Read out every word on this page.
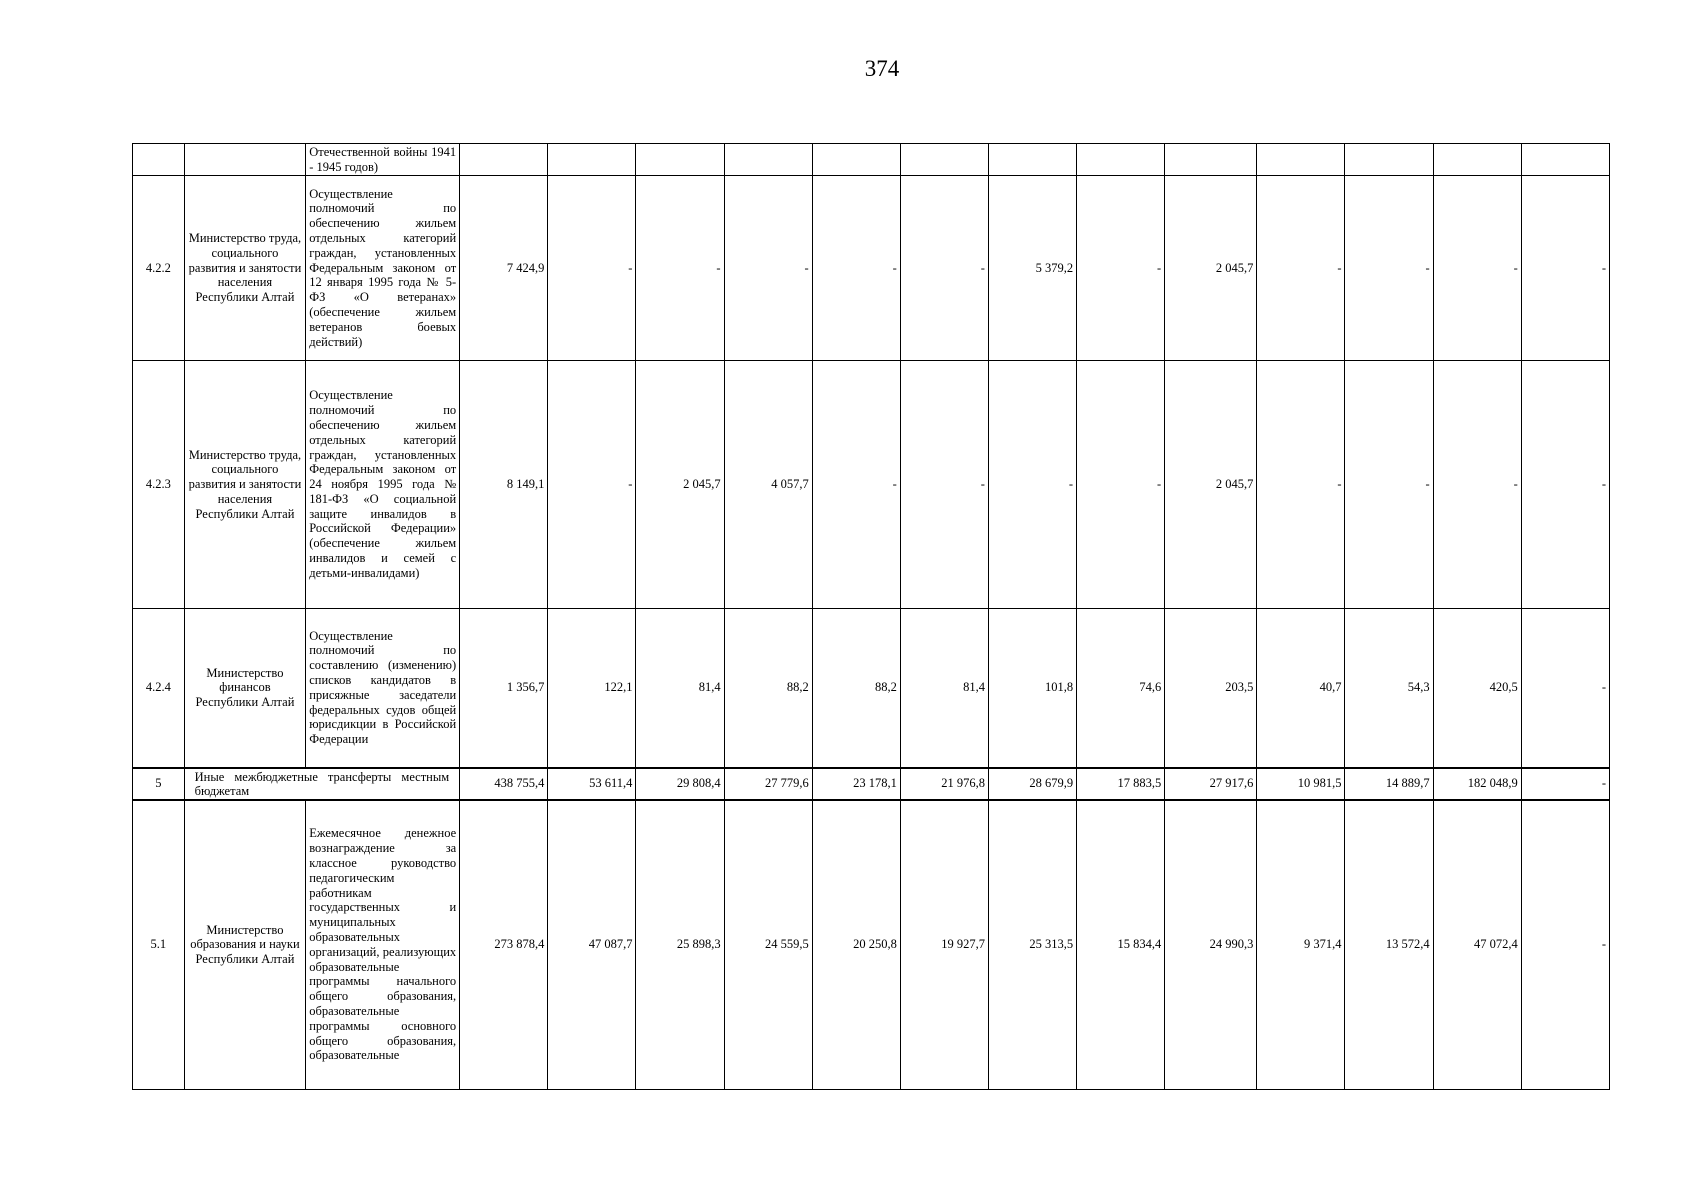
374
		Отечественной войны 1941 - 1945 годов)													
4.2.2	Министерство труда, социального развития и занятости населения Республики Алтай	Осуществление полномочий по обеспечению жильем отдельных категорий граждан, установленных Федеральным законом от 12 января 1995 года № 5-ФЗ «О ветеранах» (обеспечение жильем ветеранов боевых действий)	7 424,9	-	-	-	-	-	5 379,2	-	2 045,7	-	-	-	-
4.2.3	Министерство труда, социального развития и занятости населения Республики Алтай	Осуществление полномочий по обеспечению жильем отдельных категорий граждан, установленных Федеральным законом от 24 ноября 1995 года № 181-ФЗ «О социальной защите инвалидов в Российской Федерации» (обеспечение жильем инвалидов и семей с детьми-инвалидами)	8 149,1	-	2 045,7	4 057,7	-	-	-	-	2 045,7	-	-	-	-
4.2.4	Министерство финансов Республики Алтай	Осуществление полномочий по составлению (изменению) списков кандидатов в присяжные заседатели федеральных судов общей юрисдикции в Российской Федерации	1 356,7	122,1	81,4	88,2	88,2	81,4	101,8	74,6	203,5	40,7	54,3	420,5	-
5	Иные межбюджетные трансферты местным бюджетам		438 755,4	53 611,4	29 808,4	27 779,6	23 178,1	21 976,8	28 679,9	17 883,5	27 917,6	10 981,5	14 889,7	182 048,9	-
5.1	Министерство образования и науки Республики Алтай	Ежемесячное денежное вознаграждение за классное руководство педагогическим работникам государственных и муниципальных образовательных организаций, реализующих образовательные программы начального общего образования, образовательные программы основного общего образования, образовательные	273 878,4	47 087,7	25 898,3	24 559,5	20 250,8	19 927,7	25 313,5	15 834,4	24 990,3	9 371,4	13 572,4	47 072,4	-
